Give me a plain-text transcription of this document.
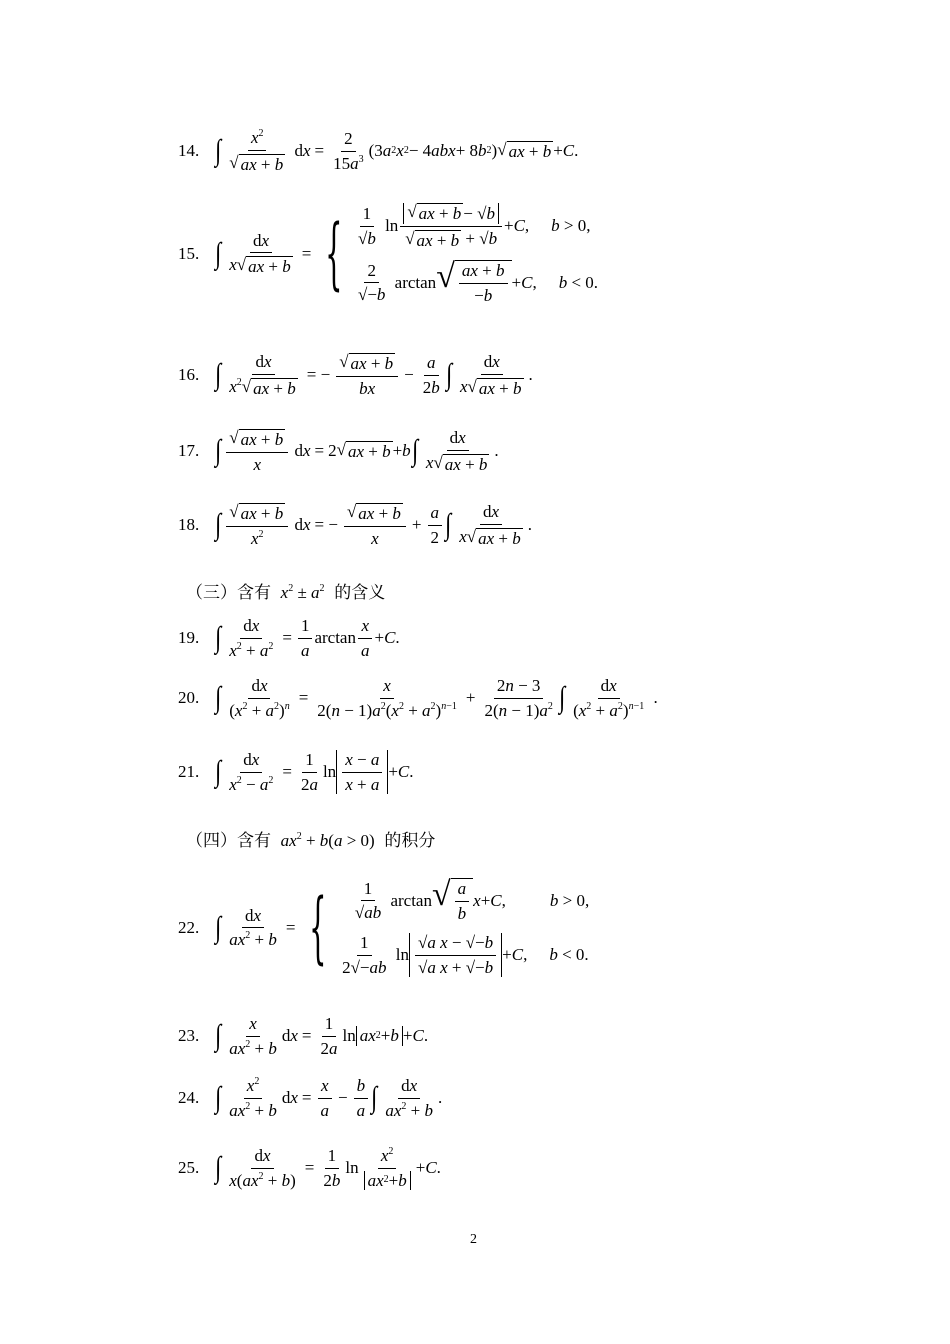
14. ∫ $\frac{x^2}{√ ax + b}$ d $x = \frac{2}{15a^3} (3$ a 2 x 2 − 4 abx + 8 b 2 ) √ ax + b + C .
15. ∫ $\frac{dx}{x √ ax + b}$ = { $\frac{1}{√b}$ $\ln \frac{√ ax + b - √ b}{√ ax + b + √b} + C$ , b > 0,
$\frac{2}{√-b}$ arctan √ $\frac{ax + b}{-b} + C$ , b < 0.
16. ∫ $\frac{dx}{x^2 √ ax + b}$ = − $\frac{√ ax + b}{bx} - \frac{a}{2b}$ ∫ $\frac{dx}{x √ ax + b}$ .
17. ∫ $\frac{√ ax + b}{x}$ d x = 2 √ ax + b + b ∫ $\frac{dx}{x √ ax + b}$ .
18. ∫ $\frac{√ ax + b}{x^2}$ d x = − $\frac{√ ax + b}{x} + \frac{a}{2}$ ∫ $\frac{dx}{x √ ax + b}$ .
（三）含有 $x^2 \pm a^2$ 的含义
19. ∫ $\frac{dx}{x^2 + a^2} = \frac{1}{a}$ $\arctan \frac{x}{a} + C$ .
20. ∫ $\frac{dx}{(x^2 + a^2)^n} = \frac{x}{2(n - 1)a^2(x^2 + a^2)^{n-1}} + \frac{2n - 3}{2(n - 1)a^2}$ ∫ $\frac{dx}{(x^2 + a^2)^{n-1}}$ .
21. ∫ $\frac{dx}{x^2 - a^2} = \frac{1}{2a}$ $\ln \frac{x - a}{x + a} + C$ .
（四）含有 $ax^2 + b(a > 0)$  的积分
22. ∫ $\frac{dx}{ax^2 + b}$ = {
$\frac{1}{√ab}$ arctan √ $\frac{a}{b}$ x + C ,	b > 0,
$\frac{1}{2√-ab}$ $\ln \frac{\text{√a x − √−b}}{\text{√a x + √−b}} + C$ , b < 0.
23. ∫ $\frac{x}{ax^2 + b}$ d $x = \frac{1}{2a}$ ln ax 2 + b + C .
24. ∫ $\frac{x^2}{ax^2 + b}$ d $x = \frac{x}{a} - \frac{b}{a}$ ∫ $\frac{dx}{ax^2 + b}$ .
25. ∫ $\frac{dx}{x(ax^2 + b)} = \frac{1}{2b}$ $\ln \frac{x^2}{ax 2 + b} + C$ .
2
